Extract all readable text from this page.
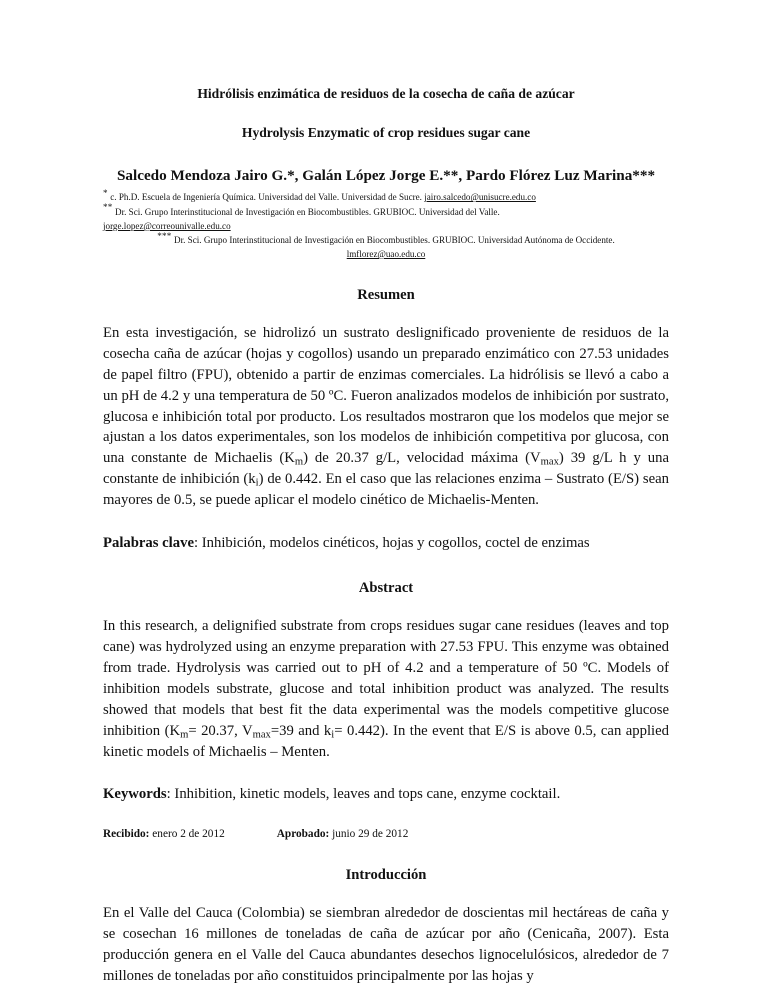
Hidrólisis enzimática de residuos de la cosecha de caña de azúcar
Hydrolysis Enzymatic of crop residues sugar cane

Salcedo Mendoza Jairo G.*, Galán López Jorge E.**, Pardo Flórez Luz Marina***

* c. Ph.D. Escuela de Ingeniería Química. Universidad del Valle. Universidad de Sucre. jairo.salcedo@unisucre.edu.co

** Dr. Sci. Grupo Interinstitucional de Investigación en Biocombustibles. GRUBIOC. Universidad del Valle.

jorge.lopez@correounivalle.edu.co

*** Dr. Sci. Grupo Interinstitucional de Investigación en Biocombustibles. GRUBIOC. Universidad Autónoma de Occidente.

lmflorez@uao.edu.co

Resumen

En esta investigación, se hidrolizó un sustrato deslignificado proveniente de residuos de la cosecha caña de azúcar (hojas y cogollos) usando un preparado enzimático con 27.53 unidades de papel filtro (FPU), obtenido a partir de enzimas comerciales. La hidrólisis se llevó a cabo a un pH de 4.2 y una temperatura de 50 ºC. Fueron analizados modelos de inhibición por sustrato, glucosa e inhibición total por producto. Los resultados mostraron que los modelos que mejor se ajustan a los datos experimentales, son los modelos de inhibición competitiva por glucosa, con una constante de Michaelis $(K_m)$ de 20.37 g/L, velocidad máxima $(V_{max})$ 39 g/L h y una constante de inhibición $(k_i)$ de 0.442. En el caso que las relaciones enzima – Sustrato (E/S) sean mayores de 0.5, se puede aplicar el modelo cinético de Michaelis-Menten.

Palabras clave: Inhibición, modelos cinéticos, hojas y cogollos, coctel de enzimas

Abstract

In this research, a delignified substrate from crops residues sugar cane residues (leaves and top cane) was hydrolyzed using an enzyme preparation with 27.53 FPU. This enzyme was obtained from trade. Hydrolysis was carried out to pH of 4.2 and a temperature of 50 ºC. Models of inhibition models substrate, glucose and total inhibition product was analyzed. The results showed that models that best fit the data experimental was the models competitive glucose inhibition ($K_m= 20.37$, $V_{max}=39$ and $k_i= 0.442$). In the event that E/S is above 0.5, can applied kinetic models of Michaelis – Menten.

Keywords: Inhibition, kinetic models, leaves and tops cane, enzyme cocktail.

Recibido: enero 2 de 2012	Aprobado: junio 29 de 2012

Introducción

En el Valle del Cauca (Colombia) se siembran alrededor de doscientas mil hectáreas de caña y se cosechan 16 millones de toneladas de caña de azúcar por año (Cenicaña, 2007). Esta producción genera en el Valle del Cauca abundantes desechos lignocelulósicos, alrededor de 7 millones de toneladas por año constituidos principalmente por las hojas y
